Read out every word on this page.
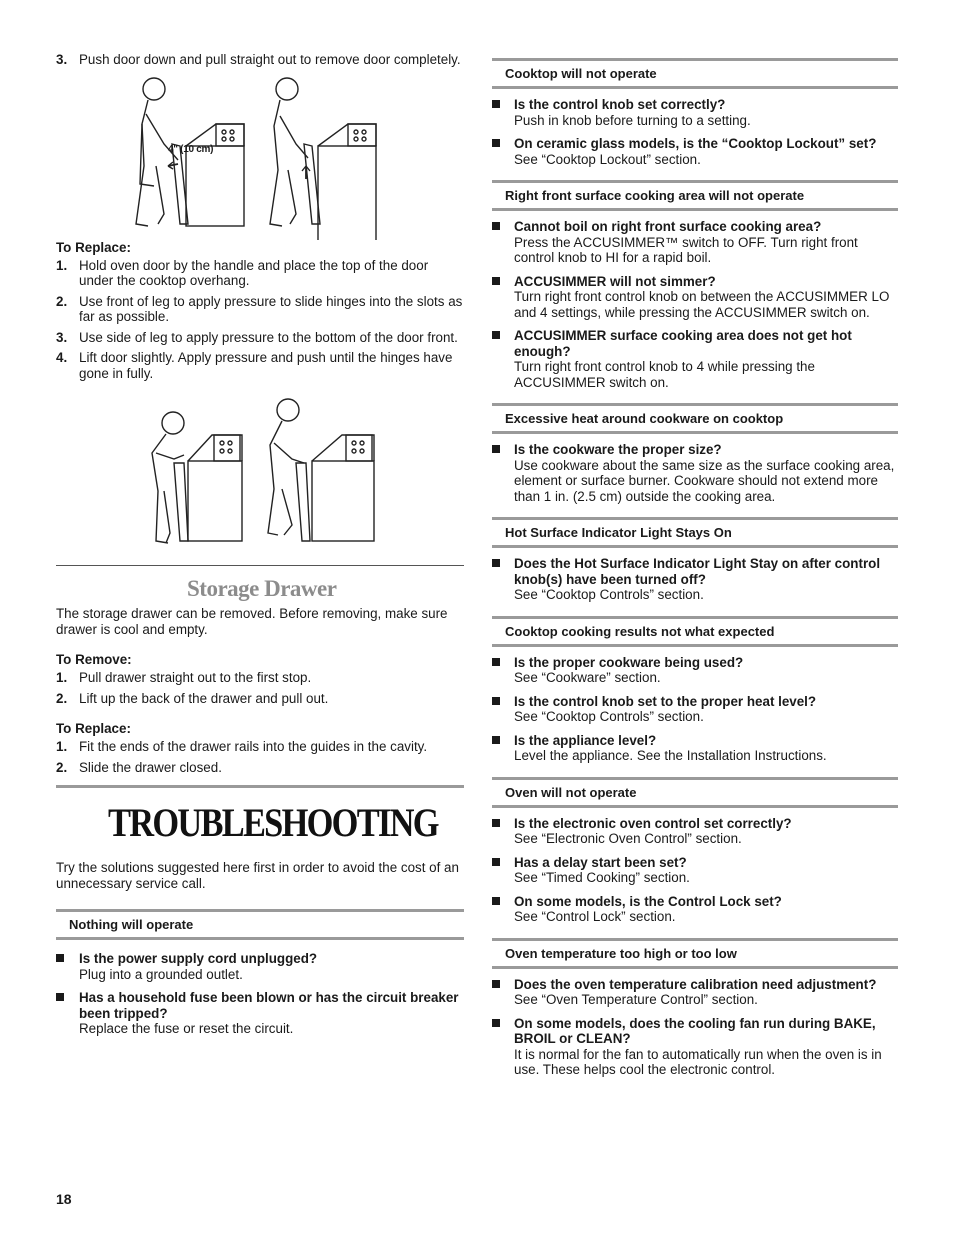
3. Push door down and pull straight out to remove door completely.
4" (10 cm)
To Replace:
1. Hold oven door by the handle and place the top of the door under the cooktop overhang.
2. Use front of leg to apply pressure to slide hinges into the slots as far as possible.
3. Use side of leg to apply pressure to the bottom of the door front.
4. Lift door slightly. Apply pressure and push until the hinges have gone in fully.
Storage Drawer
The storage drawer can be removed. Before removing, make sure drawer is cool and empty.
To Remove:
1. Pull drawer straight out to the first stop.
2. Lift up the back of the drawer and pull out.
To Replace:
1. Fit the ends of the drawer rails into the guides in the cavity.
2. Slide the drawer closed.
TROUBLESHOOTING
Try the solutions suggested here first in order to avoid the cost of an unnecessary service call.
Nothing will operate
Is the power supply cord unplugged?
Plug into a grounded outlet.
Has a household fuse been blown or has the circuit breaker been tripped?
Replace the fuse or reset the circuit.
Cooktop will not operate
Is the control knob set correctly?
Push in knob before turning to a setting.
On ceramic glass models, is the “Cooktop Lockout” set?
See “Cooktop Lockout” section.
Right front surface cooking area will not operate
Cannot boil on right front surface cooking area?
Press the ACCUSIMMER™ switch to OFF. Turn right front control knob to HI for a rapid boil.
ACCUSIMMER will not simmer?
Turn right front control knob on between the ACCUSIMMER LO and 4 settings, while pressing the ACCUSIMMER switch on.
ACCUSIMMER surface cooking area does not get hot enough?
Turn right front control knob to 4 while pressing the ACCUSIMMER switch on.
Excessive heat around cookware on cooktop
Is the cookware the proper size?
Use cookware about the same size as the surface cooking area, element or surface burner. Cookware should not extend more than 1 in. (2.5 cm) outside the cooking area.
Hot Surface Indicator Light Stays On
Does the Hot Surface Indicator Light Stay on after control knob(s) have been turned off?
See “Cooktop Controls” section.
Cooktop cooking results not what expected
Is the proper cookware being used?
See “Cookware” section.
Is the control knob set to the proper heat level?
See “Cooktop Controls” section.
Is the appliance level?
Level the appliance. See the Installation Instructions.
Oven will not operate
Is the electronic oven control set correctly?
See “Electronic Oven Control” section.
Has a delay start been set?
See “Timed Cooking” section.
On some models, is the Control Lock set?
See “Control Lock” section.
Oven temperature too high or too low
Does the oven temperature calibration need adjustment?
See “Oven Temperature Control” section.
On some models, does the cooling fan run during BAKE, BROIL or CLEAN?
It is normal for the fan to automatically run when the oven is in use. These helps cool the electronic control.
18
